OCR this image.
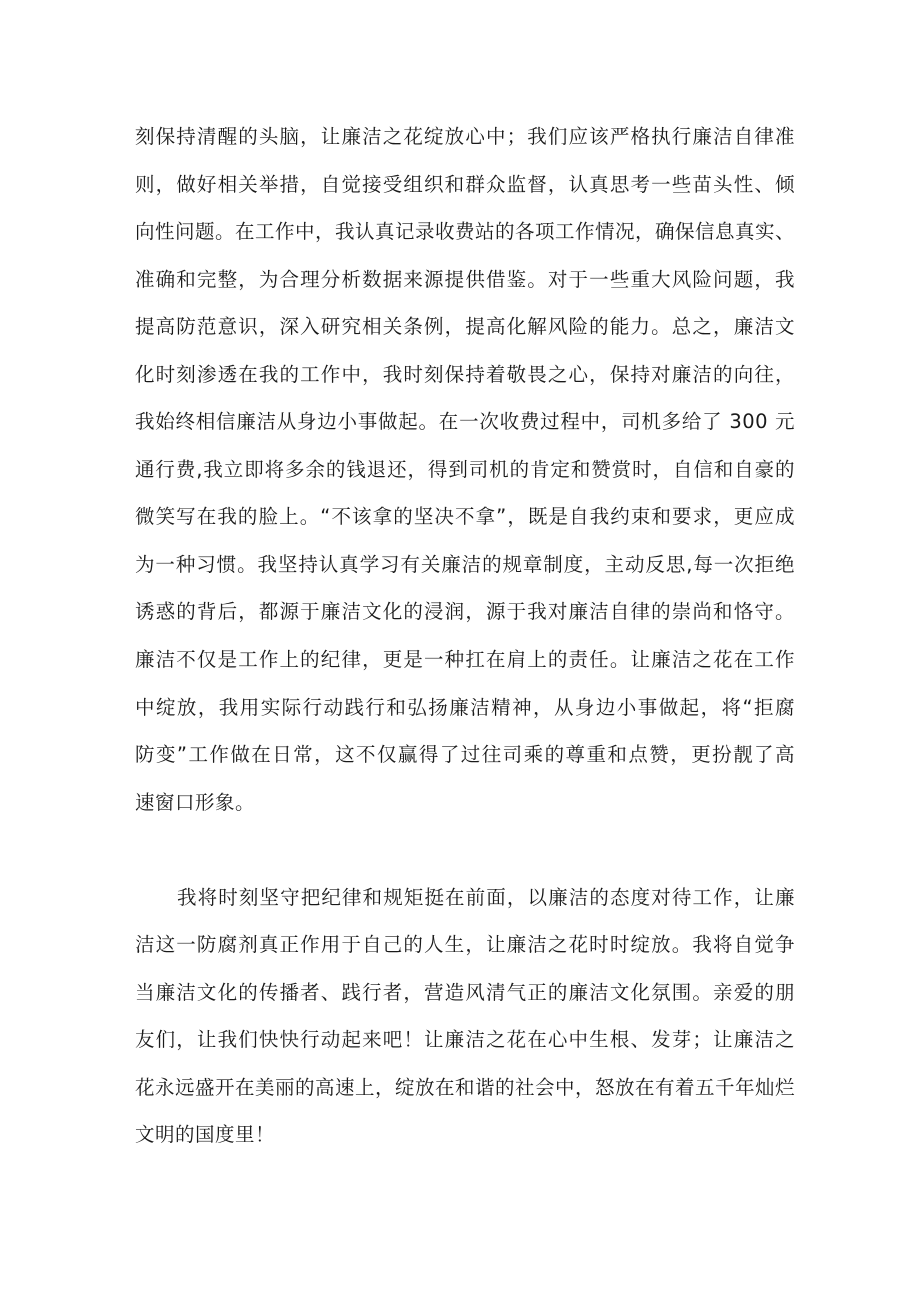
刻保持清醒的头脑，让廉洁之花绽放心中；我们应该严格执行廉洁自律准
则，做好相关举措，自觉接受组织和群众监督，认真思考一些苗头性、倾
向性问题。在工作中，我认真记录收费站的各项工作情况，确保信息真实、
准确和完整，为合理分析数据来源提供借鉴。对于一些重大风险问题，我
提高防范意识，深入研究相关条例，提高化解风险的能力。总之，廉洁文
化时刻渗透在我的工作中，我时刻保持着敬畏之心，保持对廉洁的向往，
我始终相信廉洁从身边小事做起。在一次收费过程中，司机多给了 300 元
通行费,我立即将多余的钱退还，得到司机的肯定和赞赏时，自信和自豪的
微笑写在我的脸上。“不该拿的坚决不拿”，既是自我约束和要求，更应成
为一种习惯。我坚持认真学习有关廉洁的规章制度，主动反思,每一次拒绝
诱惑的背后，都源于廉洁文化的浸润，源于我对廉洁自律的崇尚和恪守。
廉洁不仅是工作上的纪律，更是一种扛在肩上的责任。让廉洁之花在工作
中绽放，我用实际行动践行和弘扬廉洁精神，从身边小事做起，将“拒腐
防变”工作做在日常，这不仅赢得了过往司乘的尊重和点赞，更扮靓了高
速窗口形象。
我将时刻坚守把纪律和规矩挺在前面，以廉洁的态度对待工作，让廉
洁这一防腐剂真正作用于自己的人生，让廉洁之花时时绽放。我将自觉争
当廉洁文化的传播者、践行者，营造风清气正的廉洁文化氛围。亲爱的朋
友们，让我们快快行动起来吧！让廉洁之花在心中生根、发芽；让廉洁之
花永远盛开在美丽的高速上，绽放在和谐的社会中，怒放在有着五千年灿烂
文明的国度里！
